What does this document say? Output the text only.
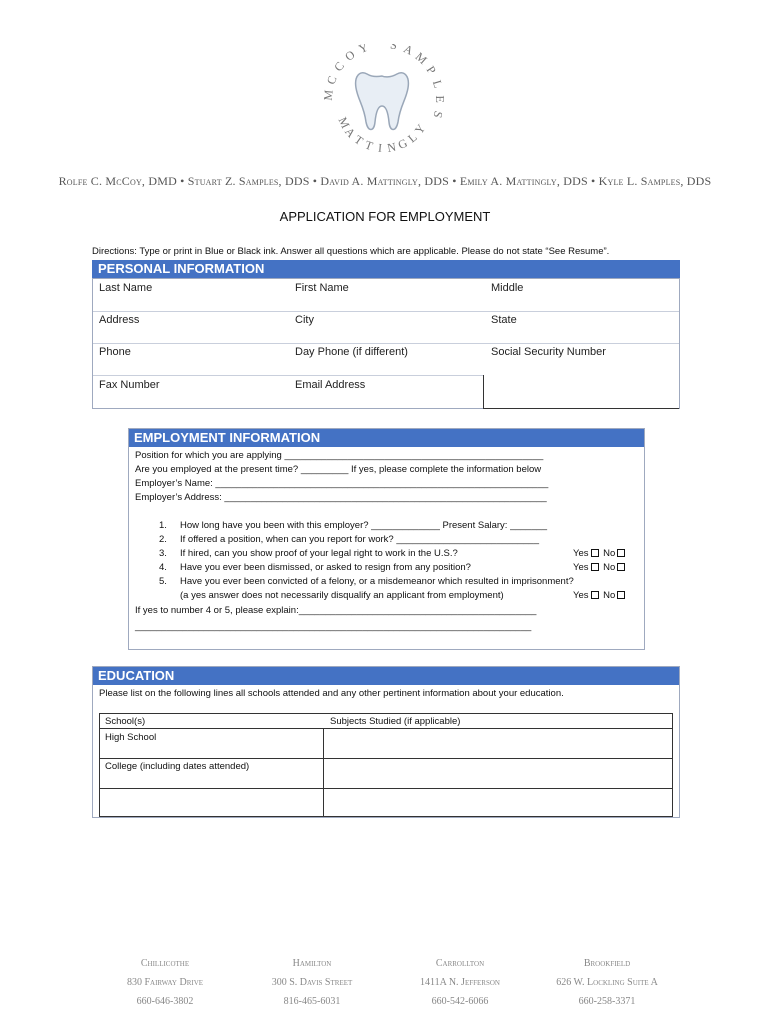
M
C
C
O Y S A
M
P
L
E
S
M
A
T
T I N
G
L
Y
Rolfe C. McCoy, DMD • Stuart Z. Samples, DDS • David A. Mattingly, DDS • Emily A. Mattingly, DDS • Kyle L. Samples, DDS
APPLICATION FOR EMPLOYMENT
Directions: Type or print in Blue or Black ink. Answer all questions which are applicable. Please do not state “See Resume”.
PERSONAL INFORMATION
Last Name	First Name	Middle
Address	City	State
Phone	Day Phone (if different)	Social Security Number
Fax Number	Email Address
EMPLOYMENT INFORMATION
Position for which you are applying _________________________________________________
Are you employed at the present time? _________ If yes, please complete the information below
Employer’s Name: _______________________________________________________________
Employer’s Address: _____________________________________________________________
1. How long have you been with this employer? _____________ Present Salary: _______
2. If offered a position, when can you report for work? ___________________________
3. If hired, can you show proof of your legal right to work in the U.S.?	Yes No
4. Have you ever been dismissed, or asked to resign from any position?	Yes No
5. Have you ever been convicted of a felony, or a misdemeanor which resulted in imprisonment?
(a yes answer does not necessarily disqualify an applicant from employment)	Yes No
If yes to number 4 or 5, please explain:_____________________________________________
___________________________________________________________________________
EDUCATION
Please list on the following lines all schools attended and any other pertinent information about your education.
School(s)	Subjects Studied (if applicable)
High School
College (including dates attended)
Chillicothe
830 Fairway Drive
660-646-3802
Hamilton
300 S. Davis Street
816-465-6031
Carrollton
1411A N. Jefferson
660-542-6066
Brookfield
626 W. Lockling Suite A
660-258-3371
